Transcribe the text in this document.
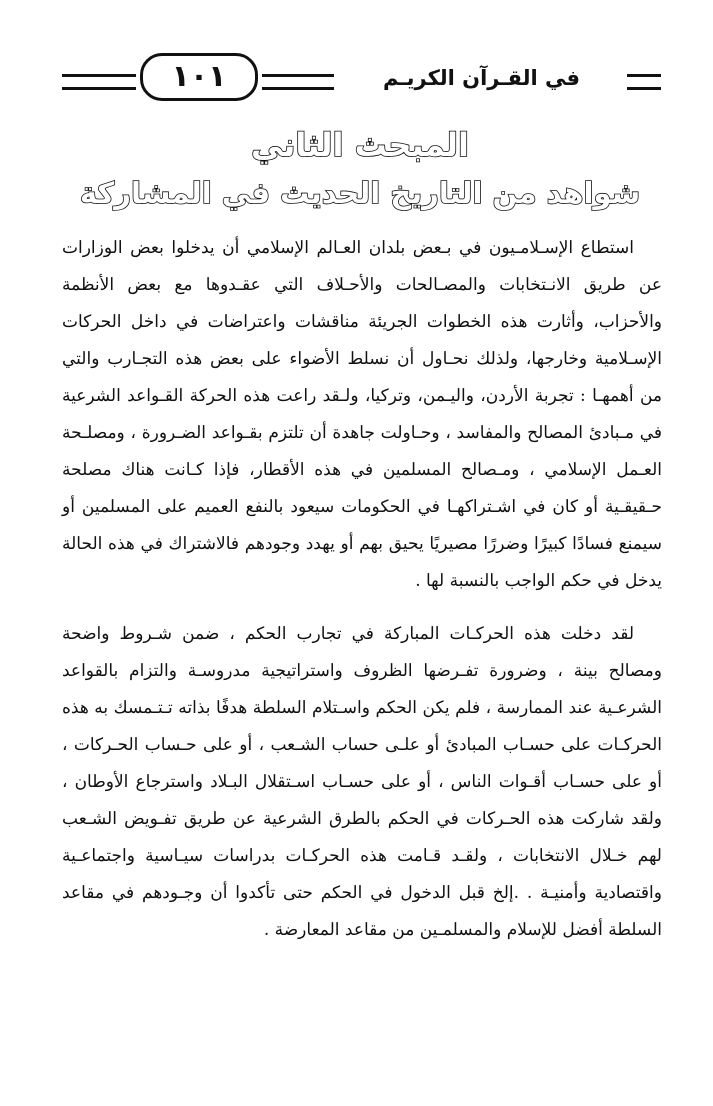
١٠١	في القـرآن الكريـم
المبحث الثاني
شواهد من التاريخ الحديث في المشاركة

استطاع الإسـلامـيون في بـعض بلدان العـالم الإسلامي أن يدخلوا بعض الوزارات عن طريق الانـتخابات والمصـالحات والأحـلاف التي عقـدوها مع بعض الأنظمة والأحزاب، وأثارت هذه الخطوات الجريئة مناقشات واعتراضات في داخل الحركات الإسـلامية وخارجها، ولذلك نحـاول أن نسلط الأضواء على بعض هذه التجـارب والتي من أهمهـا : تجربة الأردن، واليـمن، وتركيا، ولـقد راعت هذه الحركة القـواعد الشرعية في مـبادئ المصالح والمفاسد ، وحـاولت جاهدة أن تلتزم بقـواعد الضـرورة ، ومصلـحة العـمل الإسلامي ، ومـصالح المسلمين في هذه الأقطار، فإذا كـانت هناك مصلحة حـقيقـية أو كان في اشـتراكهـا في الحكومات سيعود بالنفع العميم على المسلمين أو سيمنع فسادًا كبيرًا وضررًا مصيريًا يحيق بهم أو يهدد وجودهم فالاشتراك في هذه الحالة يدخل في حكم الواجب بالنسبة لها .

لقد دخلت هذه الحركـات المباركة في تجارب الحكم ، ضمن شـروط واضحة ومصالح بينة ، وضرورة تفـرضها الظروف واستراتيجية مدروسـة والتزام بالقواعد الشرعـية عند الممارسة ، فلم يكن الحكم واسـتلام السلطة هدفًا بذاته تـتـمسك به هذه الحركـات على حسـاب المبادئ أو علـى حساب الشـعب ، أو على حـساب الحـركات ، أو على حسـاب أقـوات الناس ، أو على حسـاب اسـتقلال البـلاد واسترجاع الأوطان ، ولقد شاركت هذه الحـركات في الحكم بالطرق الشرعية عن طريق تفـويض الشـعب لهم خـلال الانتخابات ، ولقـد قـامت هذه الحركـات بدراسات سيـاسية واجتماعـية واقتصادية وأمنيـة . .إلخ قبل الدخول في الحكم حتى تأكدوا أن وجـودهم في مقاعد السلطة أفضل للإسلام والمسلمـين من مقاعد المعارضة .
